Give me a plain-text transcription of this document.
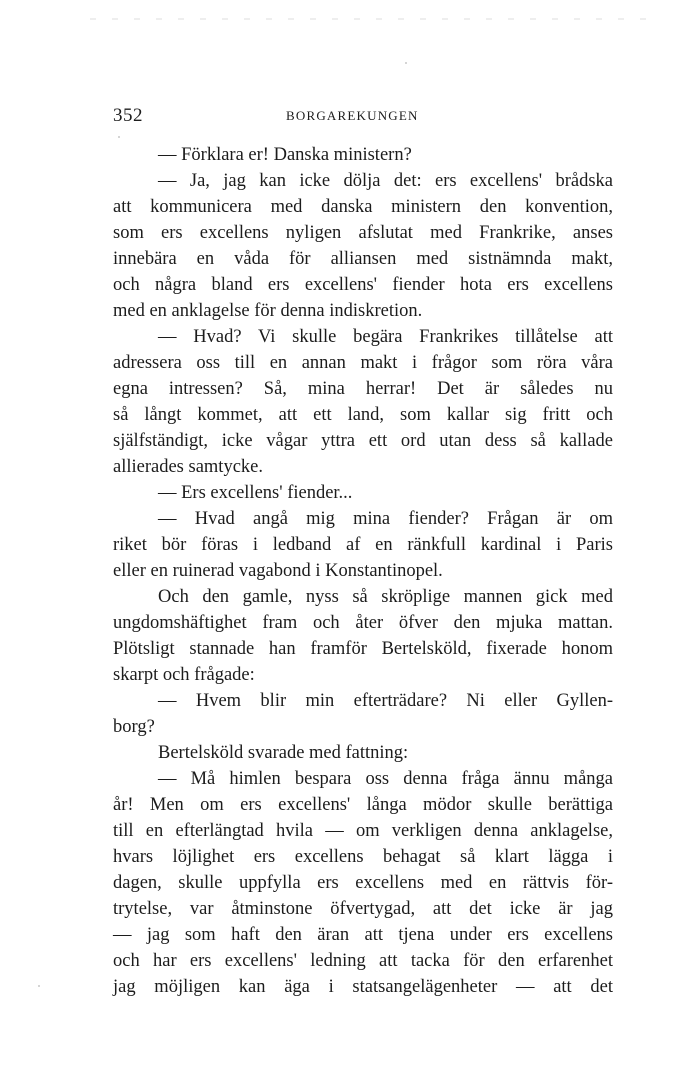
352	BORGAREKUNGEN
— Förklara er! Danska ministern?
— Ja, jag kan icke dölja det: ers excellens' brådska
att kommunicera med danska ministern den konvention,
som ers excellens nyligen afslutat med Frankrike, anses
innebära en våda för alliansen med sistnämnda makt,
och några bland ers excellens' fiender hota ers excellens
med en anklagelse för denna indiskretion.
— Hvad? Vi skulle begära Frankrikes tillåtelse att
adressera oss till en annan makt i frågor som röra våra
egna intressen? Så, mina herrar! Det är således nu
så långt kommet, att ett land, som kallar sig fritt och
själfständigt, icke vågar yttra ett ord utan dess så kallade
allierades samtycke.
— Ers excellens' fiender...
— Hvad angå mig mina fiender? Frågan är om
riket bör föras i ledband af en ränkfull kardinal i Paris
eller en ruinerad vagabond i Konstantinopel.
Och den gamle, nyss så skröplige mannen gick med
ungdomshäftighet fram och åter öfver den mjuka mattan.
Plötsligt stannade han framför Bertelsköld, fixerade honom
skarpt och frågade:
— Hvem blir min efterträdare? Ni eller Gyllen-
borg?
Bertelsköld svarade med fattning:
— Må himlen bespara oss denna fråga ännu många
år! Men om ers excellens' långa mödor skulle berättiga
till en efterlängtad hvila — om verkligen denna anklagelse,
hvars löjlighet ers excellens behagat så klart lägga i
dagen, skulle uppfylla ers excellens med en rättvis för-
trytelse, var åtminstone öfvertygad, att det icke är jag
— jag som haft den äran att tjena under ers excellens
och har ers excellens' ledning att tacka för den erfarenhet
jag möjligen kan äga i statsangelägenheter — att det
